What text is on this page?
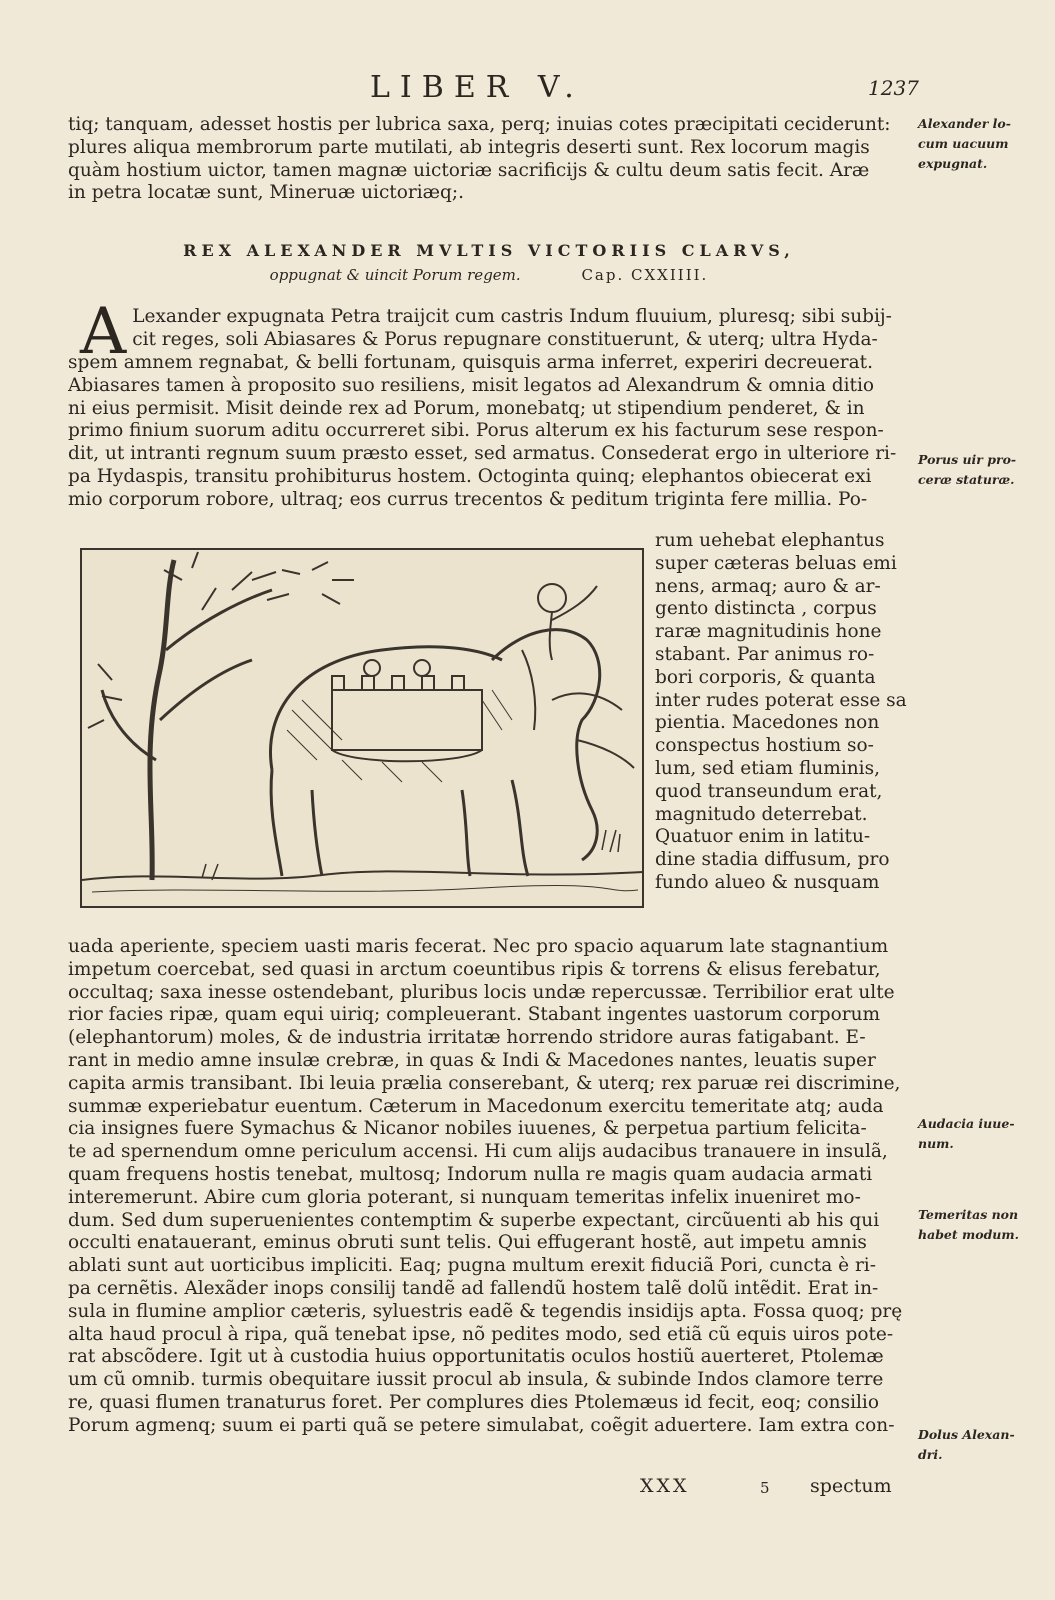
LIBER V.	1237
tiq; tanquam, adesset hostis per lubrica saxa, perq; inuias cotes præcipitati ceciderunt:
plures aliqua membrorum parte mutilati, ab integris deserti sunt. Rex locorum magis
quàm hostium uictor, tamen magnæ uictoriæ sacrificijs & cultu deum satis fecit. Aræ
in petra locatæ sunt, Mineruæ uictoriæq;.
REX ALEXANDER MVLTIS VICTORIIS CLARVS,
oppugnat & uincit Porum regem.	Cap. CXXIIII.
A Lexander expugnata Petra traijcit cum castris Indum fluuium, pluresq; sibi subij-
cit reges, soli Abiasares & Porus repugnare constituerunt, & uterq; ultra Hyda-
spem amnem regnabat, & belli fortunam, quisquis arma inferret, experiri decreuerat.
Abiasares tamen à proposito suo resiliens, misit legatos ad Alexandrum & omnia ditio
ni eius permisit. Misit deinde rex ad Porum, monebatq; ut stipendium penderet, & in
primo finium suorum aditu occurreret sibi. Porus alterum ex his facturum sese respon-
dit, ut intranti regnum suum præsto esset, sed armatus. Consederat ergo in ulteriore ri-
pa Hydaspis, transitu prohibiturus hostem. Octoginta quinq; elephantos obiecerat exi
mio corporum robore, ultraq; eos currus trecentos & peditum triginta fere millia. Po-
rum uehebat elephantus
super cæteras beluas emi
nens, armaq; auro & ar-
gento distincta , corpus
raræ magnitudinis hone
stabant. Par animus ro-
bori corporis, & quanta
inter rudes poterat esse sa
pientia. Macedones non
conspectus hostium so-
lum, sed etiam fluminis,
quod transeundum erat,
magnitudo deterrebat.
Quatuor enim in latitu-
dine stadia diffusum, pro
fundo alueo & nusquam
uada aperiente, speciem uasti maris fecerat. Nec pro spacio aquarum late stagnantium
impetum coercebat, sed quasi in arctum coeuntibus ripis & torrens & elisus ferebatur,
occultaq; saxa inesse ostendebant, pluribus locis undæ repercussæ. Terribilior erat ulte
rior facies ripæ, quam equi uiriq; compleuerant. Stabant ingentes uastorum corporum
(elephantorum) moles, & de industria irritatæ horrendo stridore auras fatigabant. E-
rant in medio amne insulæ crebræ, in quas & Indi & Macedones nantes, leuatis super
capita armis transibant. Ibi leuia prælia conserebant, & uterq; rex paruæ rei discrimine,
summæ experiebatur euentum. Cæterum in Macedonum exercitu temeritate atq; auda
cia insignes fuere Symachus & Nicanor nobiles iuuenes, & perpetua partium felicita-
te ad spernendum omne periculum accensi. Hi cum alijs audacibus tranauere in insulã,
quam frequens hostis tenebat, multosq; Indorum nulla re magis quam audacia armati
interemerunt. Abire cum gloria poterant, si nunquam temeritas infelix inueniret mo-
dum. Sed dum superuenientes contemptim & superbe expectant, circũuenti ab his qui
occulti enatauerant, eminus obruti sunt telis. Qui effugerant hostẽ, aut impetu amnis
ablati sunt aut uorticibus impliciti. Eaq; pugna multum erexit fiduciã Pori, cuncta è ri-
pa cernẽtis. Alexãder inops consilij tandẽ ad fallendũ hostem talẽ dolũ intẽdit. Erat in-
sula in flumine amplior cæteris, syluestris eadẽ & tegendis insidijs apta. Fossa quoq; prę
alta haud procul à ripa, quã tenebat ipse, nõ pedites modo, sed etiã cũ equis uiros pote-
rat abscõdere. Igit ut à custodia huius opportunitatis oculos hostiũ auerteret, Ptolemæ
um cũ omnib. turmis obequitare iussit procul ab insula, & subinde Indos clamore terre
re, quasi flumen tranaturus foret. Per complures dies Ptolemæus id fecit, eoq; consilio
Porum agmenq; suum ei parti quã se petere simulabat, coẽgit aduertere. Iam extra con-
Alexander lo-
cum uacuum
expugnat.
Porus uir pro-
ceræ staturæ.
Audacia iuue-
num.
Temeritas non
habet modum.
Dolus Alexan-
dri.
XXX	5 spectum
